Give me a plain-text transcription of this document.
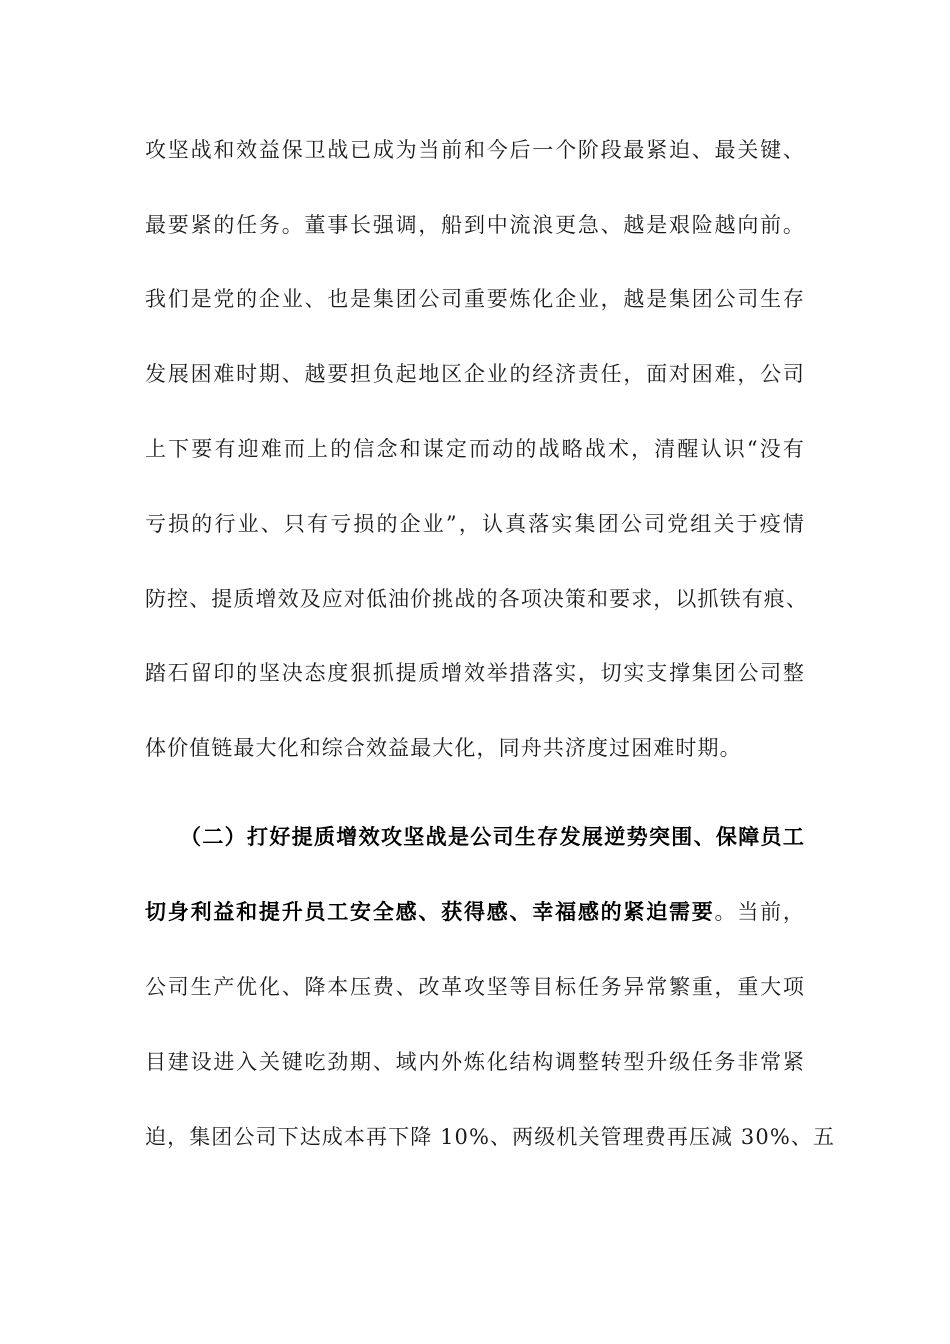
攻坚战和效益保卫战已成为当前和今后一个阶段最紧迫、最关键、
最要紧的任务。董事长强调，船到中流浪更急、越是艰险越向前。
我们是党的企业、也是集团公司重要炼化企业，越是集团公司生存
发展困难时期、越要担负起地区企业的经济责任，面对困难，公司
上下要有迎难而上的信念和谋定而动的战略战术，清醒认识“没有
亏损的行业、只有亏损的企业”，认真落实集团公司党组关于疫情
防控、提质增效及应对低油价挑战的各项决策和要求，以抓铁有痕、
踏石留印的坚决态度狠抓提质增效举措落实，切实支撑集团公司整
体价值链最大化和综合效益最大化，同舟共济度过困难时期。
（二）打好提质增效攻坚战是公司生存发展逆势突围、保障员工
切身利益和提升员工安全感、获得感、幸福感的紧迫需要。当前，
公司生产优化、降本压费、改革攻坚等目标任务异常繁重，重大项
目建设进入关键吃劲期、域内外炼化结构调整转型升级任务非常紧
迫，集团公司下达成本再下降 10%、两级机关管理费再压减 30%、五
